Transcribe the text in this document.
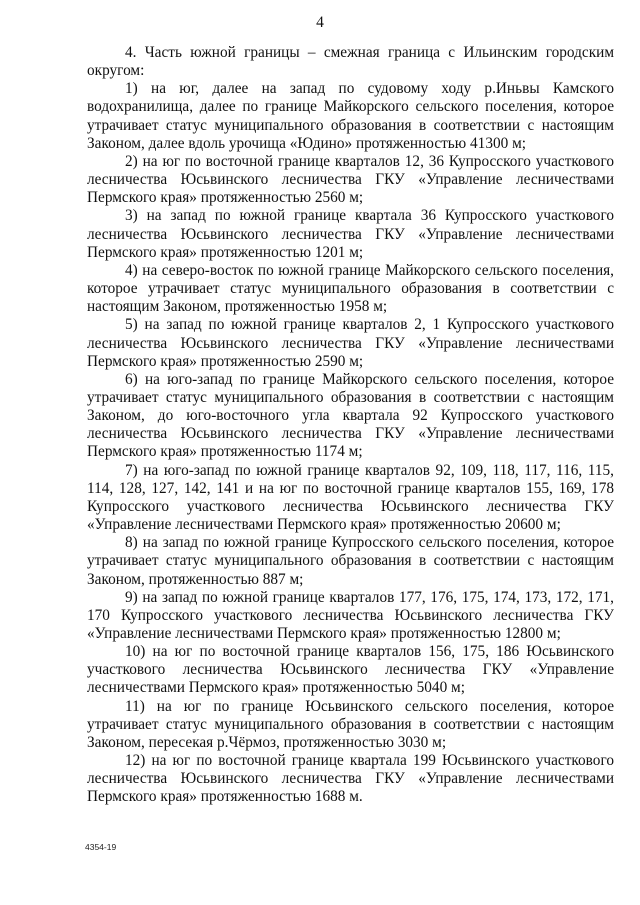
4

4. Часть южной границы – смежная граница с Ильинским городским округом:

1) на юг, далее на запад по судовому ходу р.Иньвы Камского водохранилища, далее по границе Майкорского сельского поселения, которое утрачивает статус муниципального образования в соответствии с настоящим Законом, далее вдоль урочища «Юдино» протяженностью 41300 м;

2) на юг по восточной границе кварталов 12, 36 Купросского участкового лесничества Юсьвинского лесничества ГКУ «Управление лесничествами Пермского края» протяженностью 2560 м;

3) на запад по южной границе квартала 36 Купросского участкового лесничества Юсьвинского лесничества ГКУ «Управление лесничествами Пермского края» протяженностью 1201 м;

4) на северо-восток по южной границе Майкорского сельского поселения, которое утрачивает статус муниципального образования в соответствии с настоящим Законом, протяженностью 1958 м;

5) на запад по южной границе кварталов 2, 1 Купросского участкового лесничества Юсьвинского лесничества ГКУ «Управление лесничествами Пермского края» протяженностью 2590 м;

6) на юго-запад по границе Майкорского сельского поселения, которое утрачивает статус муниципального образования в соответствии с настоящим Законом, до юго-восточного угла квартала 92 Купросского участкового лесничества Юсьвинского лесничества ГКУ «Управление лесничествами Пермского края» протяженностью 1174 м;

7) на юго-запад по южной границе кварталов 92, 109, 118, 117, 116, 115, 114, 128, 127, 142, 141 и на юг по восточной границе кварталов 155, 169, 178 Купросского участкового лесничества Юсьвинского лесничества ГКУ «Управление лесничествами Пермского края» протяженностью 20600 м;

8) на запад по южной границе Купросского сельского поселения, которое утрачивает статус муниципального образования в соответствии с настоящим Законом, протяженностью 887 м;

9) на запад по южной границе кварталов 177, 176, 175, 174, 173, 172, 171, 170 Купросского участкового лесничества Юсьвинского лесничества ГКУ «Управление лесничествами Пермского края» протяженностью 12800 м;

10) на юг по восточной границе кварталов 156, 175, 186 Юсьвинского участкового лесничества Юсьвинского лесничества ГКУ «Управление лесничествами Пермского края» протяженностью 5040 м;

11) на юг по границе Юсьвинского сельского поселения, которое утрачивает статус муниципального образования в соответствии с настоящим Законом, пересекая р.Чёрмоз, протяженностью 3030 м;

12) на юг по восточной границе квартала 199 Юсьвинского участкового лесничества Юсьвинского лесничества ГКУ «Управление лесничествами Пермского края» протяженностью 1688 м.

4354-19
